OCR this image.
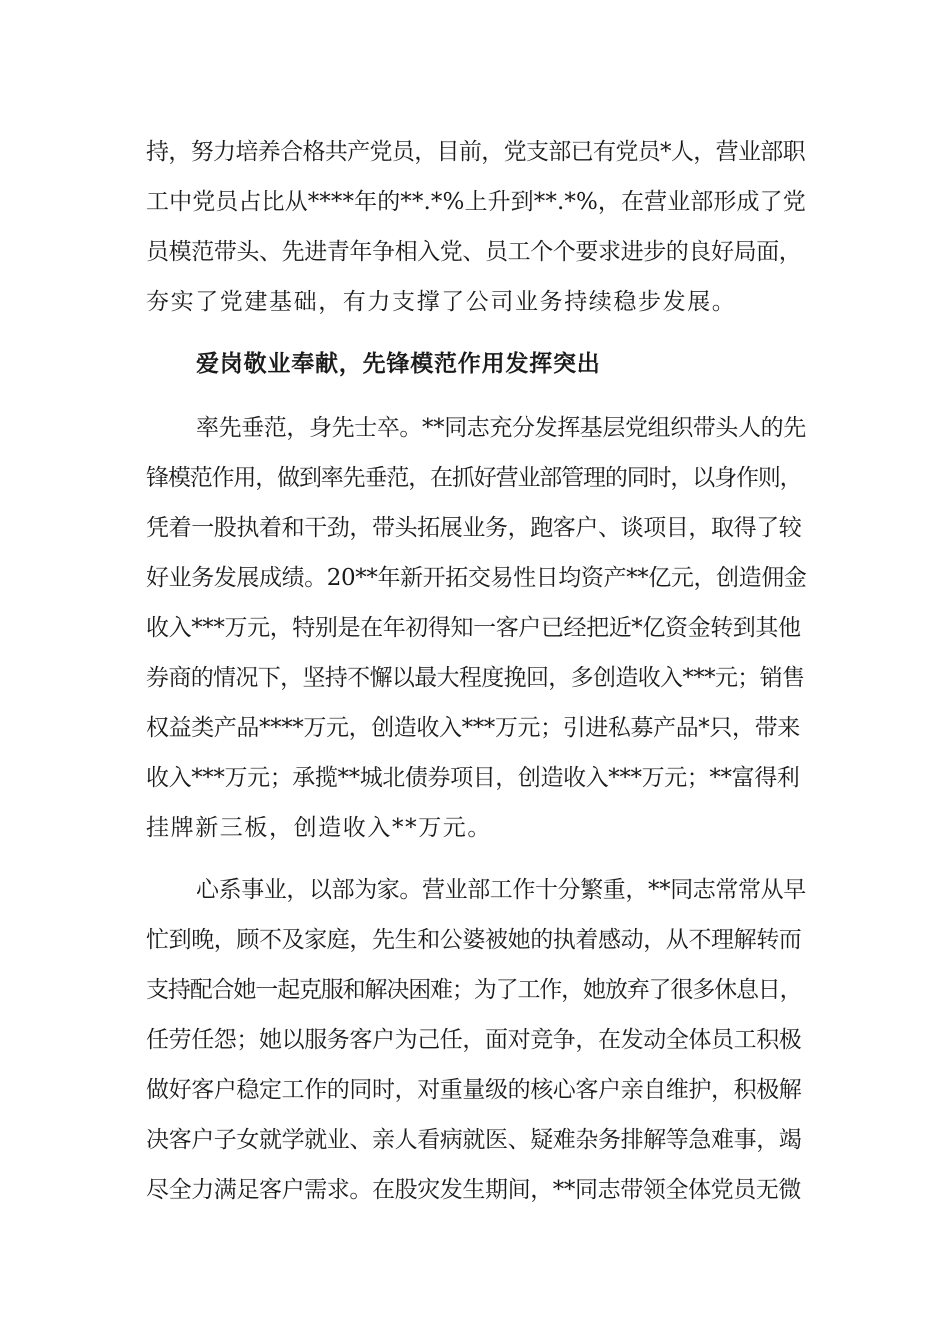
持，努力培养合格共产党员，目前，党支部已有党员*人，营业部职

工中党员占比从****年的**.*%上升到**.*%，在营业部形成了党

员模范带头、先进青年争相入党、员工个个要求进步的良好局面，

夯实了党建基础，有力支撑了公司业务持续稳步发展。

爱岗敬业奉献，先锋模范作用发挥突出

率先垂范，身先士卒。**同志充分发挥基层党组织带头人的先

锋模范作用，做到率先垂范，在抓好营业部管理的同时，以身作则，

凭着一股执着和干劲，带头拓展业务，跑客户、谈项目，取得了较

好业务发展成绩。20**年新开拓交易性日均资产**亿元，创造佣金

收入***万元，特别是在年初得知一客户已经把近*亿资金转到其他

券商的情况下，坚持不懈以最大程度挽回，多创造收入***元；销售

权益类产品****万元，创造收入***万元；引进私募产品*只，带来

收入***万元；承揽**城北债券项目，创造收入***万元；**富得利

挂牌新三板，创造收入**万元。

心系事业，以部为家。营业部工作十分繁重，**同志常常从早

忙到晚，顾不及家庭，先生和公婆被她的执着感动，从不理解转而

支持配合她一起克服和解决困难；为了工作，她放弃了很多休息日，

任劳任怨；她以服务客户为己任，面对竞争，在发动全体员工积极

做好客户稳定工作的同时，对重量级的核心客户亲自维护，积极解

决客户子女就学就业、亲人看病就医、疑难杂务排解等急难事，竭

尽全力满足客户需求。在股灾发生期间，**同志带领全体党员无微
